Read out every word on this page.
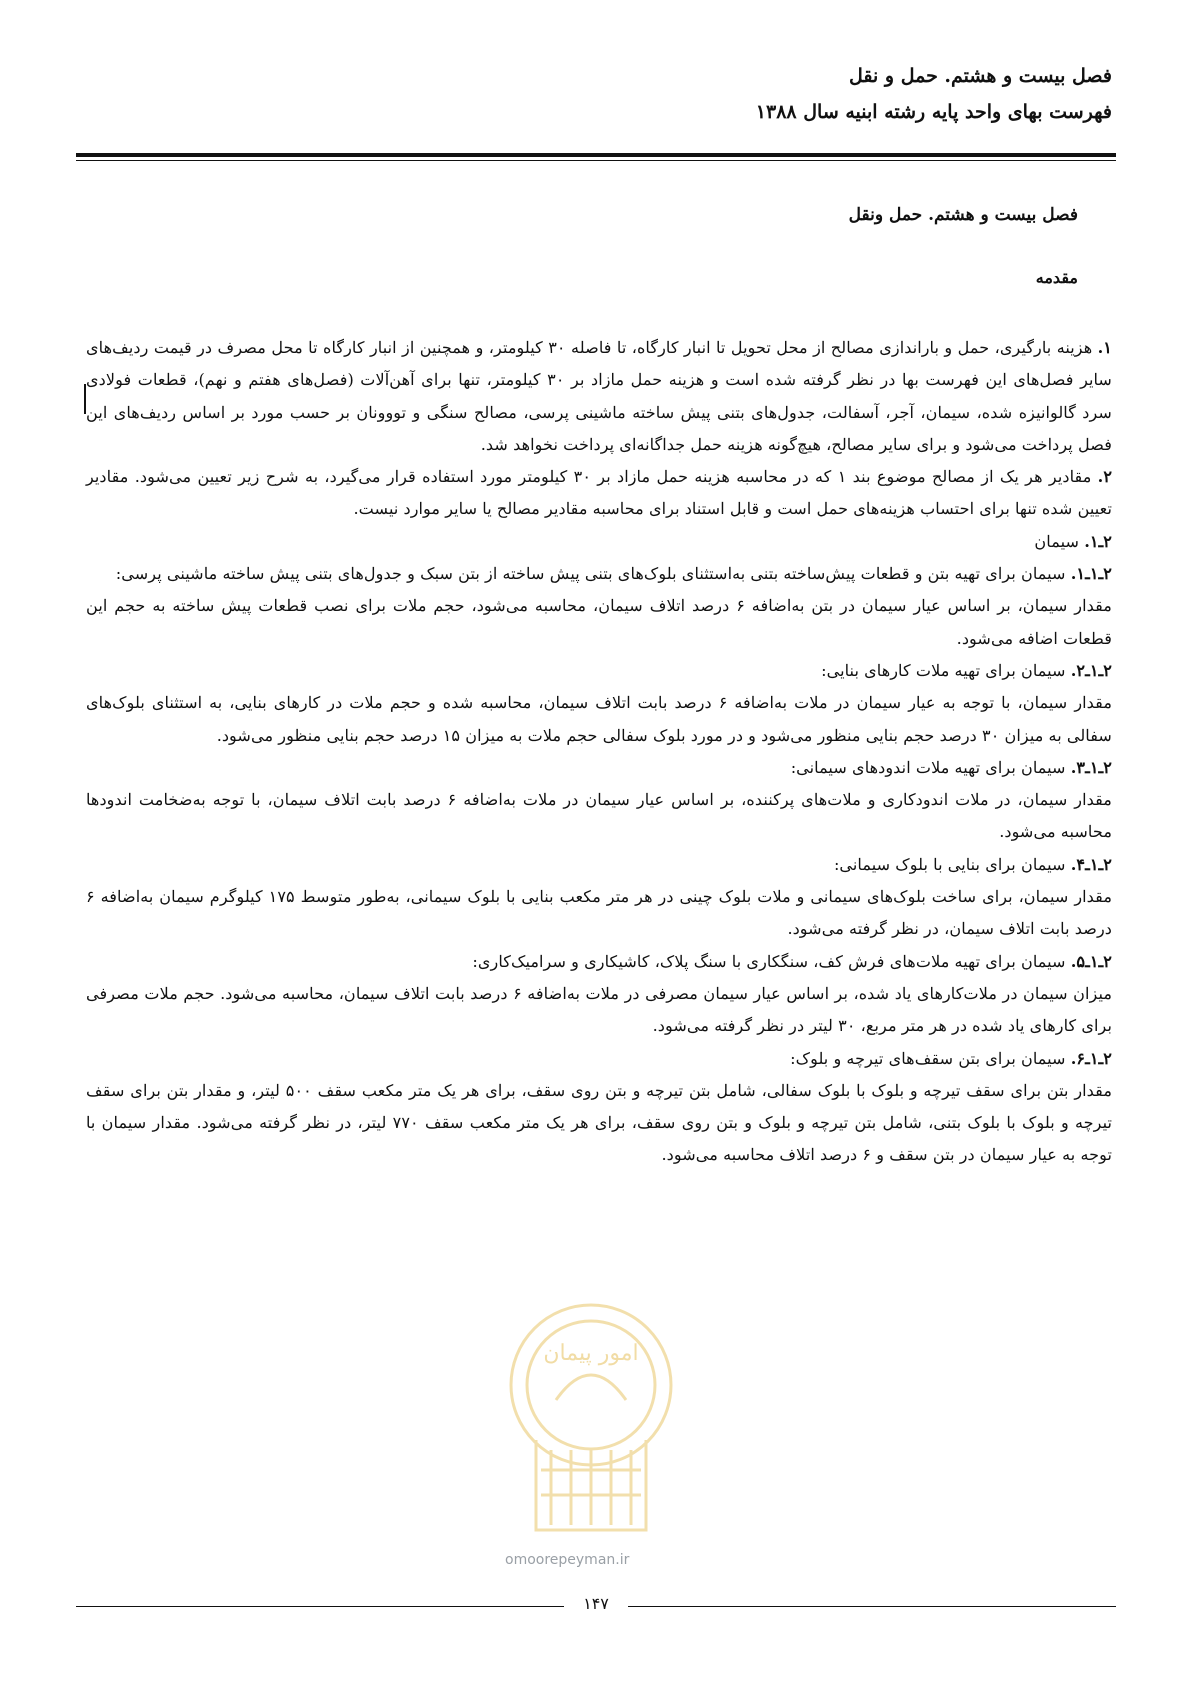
فصل بیست و هشتم. حمل و نقل
فهرست بهای واحد پایه رشته ابنیه سال ۱۳۸۸
فصل بیست و هشتم. حمل ونقل
مقدمه

۱. هزینه بارگیری، حمل و باراندازی مصالح از محل تحویل تا انبار کارگاه، تا فاصله ۳۰ کیلومتر، و همچنین از انبار کارگاه تا محل مصرف در قیمت ردیف‌های سایر فصل‌های این فهرست بها در نظر گرفته شده است و هزینه حمل مازاد بر ۳۰ کیلومتر، تنها برای آهن‌آلات (فصل‌های هفتم و نهم)، قطعات فولادی سرد گالوانیزه شده، سیمان، آجر، آسفالت، جدول‌های بتنی پیش ساخته ماشینی پرسی، مصالح سنگی و تووونان بر حسب مورد بر اساس ردیف‌های این فصل پرداخت می‌شود و برای سایر مصالح، هیچ‌گونه هزینه حمل جداگانه‌ای پرداخت نخواهد شد.

۲. مقادیر هر یک از مصالح موضوع بند ۱ که در محاسبه هزینه حمل مازاد بر ۳۰ کیلومتر مورد استفاده قرار می‌گیرد، به شرح زیر تعیین می‌شود. مقادیر تعیین شده تنها برای احتساب هزینه‌های حمل است و قابل استناد برای محاسبه مقادیر مصالح یا سایر موارد نیست.

۲ـ۱. سیمان

۲ـ۱ـ۱. سیمان برای تهیه بتن و قطعات پیش‌ساخته بتنی به‌استثنای بلوک‌های بتنی پیش ساخته از بتن سبک و جدول‌های بتنی پیش ساخته ماشینی پرسی:

مقدار سیمان، بر اساس عیار سیمان در بتن به‌اضافه ۶ درصد اتلاف سیمان، محاسبه می‌شود، حجم ملات برای نصب قطعات پیش ساخته به حجم این قطعات اضافه می‌شود.

۲ـ۱ـ۲. سیمان برای تهیه ملات کارهای بنایی:

مقدار سیمان، با توجه به عیار سیمان در ملات به‌اضافه ۶ درصد بابت اتلاف سیمان، محاسبه شده و حجم ملات در کارهای بنایی، به استثنای بلوک‌های سفالی به میزان ۳۰ درصد حجم بنایی منظور می‌شود و در مورد بلوک سفالی حجم ملات به میزان ۱۵ درصد حجم بنایی منظور می‌شود.

۲ـ۱ـ۳. سیمان برای تهیه ملات اندودهای سیمانی:

مقدار سیمان، در ملات اندودکاری و ملات‌های پرکننده، بر اساس عیار سیمان در ملات به‌اضافه ۶ درصد بابت اتلاف سیمان، با توجه به‌ضخامت اندودها محاسبه می‌شود.

۲ـ۱ـ۴. سیمان برای بنایی با بلوک سیمانی:

مقدار سیمان، برای ساخت بلوک‌های سیمانی و ملات بلوک چینی در هر متر مکعب بنایی با بلوک سیمانی، به‌طور متوسط ۱۷۵ کیلوگرم سیمان به‌اضافه ۶ درصد بابت اتلاف سیمان، در نظر گرفته می‌شود.

۲ـ۱ـ۵. سیمان برای تهیه ملات‌های فرش کف، سنگکاری با سنگ پلاک، کاشیکاری و سرامیک‌کاری:

میزان سیمان در ملات‌کارهای یاد شده، بر اساس عیار سیمان مصرفی در ملات به‌اضافه ۶ درصد بابت اتلاف سیمان، محاسبه می‌شود. حجم ملات مصرفی برای کارهای یاد شده در هر متر مربع، ۳۰ لیتر در نظر گرفته می‌شود.

۲ـ۱ـ۶. سیمان برای بتن سقف‌های تیرچه و بلوک:

مقدار بتن برای سقف تیرچه و بلوک با بلوک سفالی، شامل بتن تیرچه و بتن روی سقف، برای هر یک متر مکعب سقف ۵۰۰ لیتر، و مقدار بتن برای سقف تیرچه و بلوک با بلوک بتنی، شامل بتن تیرچه و بلوک و بتن روی سقف، برای هر یک متر مکعب سقف ۷۷۰ لیتر، در نظر گرفته می‌شود. مقدار سیمان با توجه به عیار سیمان در بتن سقف و ۶ درصد اتلاف محاسبه می‌شود.

امور پیمان
omoorepeyman.ir
۱۴۷
